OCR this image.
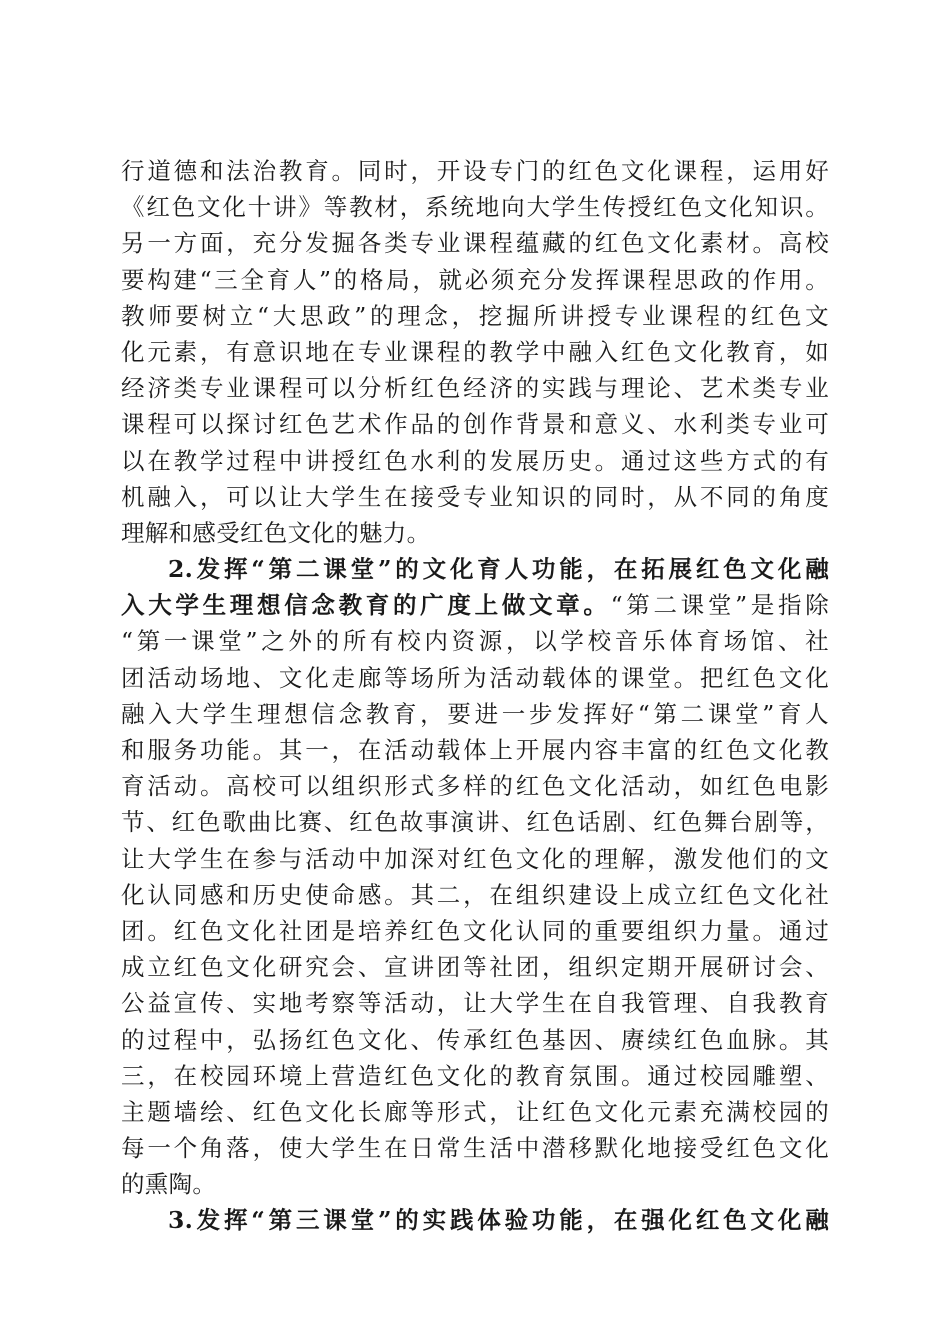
行道德和法治教育。同时，开设专门的红色文化课程，运用好
《红色文化十讲》等教材，系统地向大学生传授红色文化知识。
另一方面，充分发掘各类专业课程蕴藏的红色文化素材。高校
要构建“三全育人”的格局，就必须充分发挥课程思政的作用。
教师要树立“大思政”的理念，挖掘所讲授专业课程的红色文
化元素，有意识地在专业课程的教学中融入红色文化教育，如
经济类专业课程可以分析红色经济的实践与理论、艺术类专业
课程可以探讨红色艺术作品的创作背景和意义、水利类专业可
以在教学过程中讲授红色水利的发展历史。通过这些方式的有
机融入，可以让大学生在接受专业知识的同时，从不同的角度
理解和感受红色文化的魅力。
2.发挥“第二课堂”的文化育人功能，在拓展红色文化融
入大学生理想信念教育的广度上做文章。“第二课堂”是指除
“第一课堂”之外的所有校内资源，以学校音乐体育场馆、社
团活动场地、文化走廊等场所为活动载体的课堂。把红色文化
融入大学生理想信念教育，要进一步发挥好“第二课堂”育人
和服务功能。其一，在活动载体上开展内容丰富的红色文化教
育活动。高校可以组织形式多样的红色文化活动，如红色电影
节、红色歌曲比赛、红色故事演讲、红色话剧、红色舞台剧等，
让大学生在参与活动中加深对红色文化的理解，激发他们的文
化认同感和历史使命感。其二，在组织建设上成立红色文化社
团。红色文化社团是培养红色文化认同的重要组织力量。通过
成立红色文化研究会、宣讲团等社团，组织定期开展研讨会、
公益宣传、实地考察等活动，让大学生在自我管理、自我教育
的过程中，弘扬红色文化、传承红色基因、赓续红色血脉。其
三，在校园环境上营造红色文化的教育氛围。通过校园雕塑、
主题墙绘、红色文化长廊等形式，让红色文化元素充满校园的
每一个角落，使大学生在日常生活中潜移默化地接受红色文化
的熏陶。
3.发挥“第三课堂”的实践体验功能，在强化红色文化融
